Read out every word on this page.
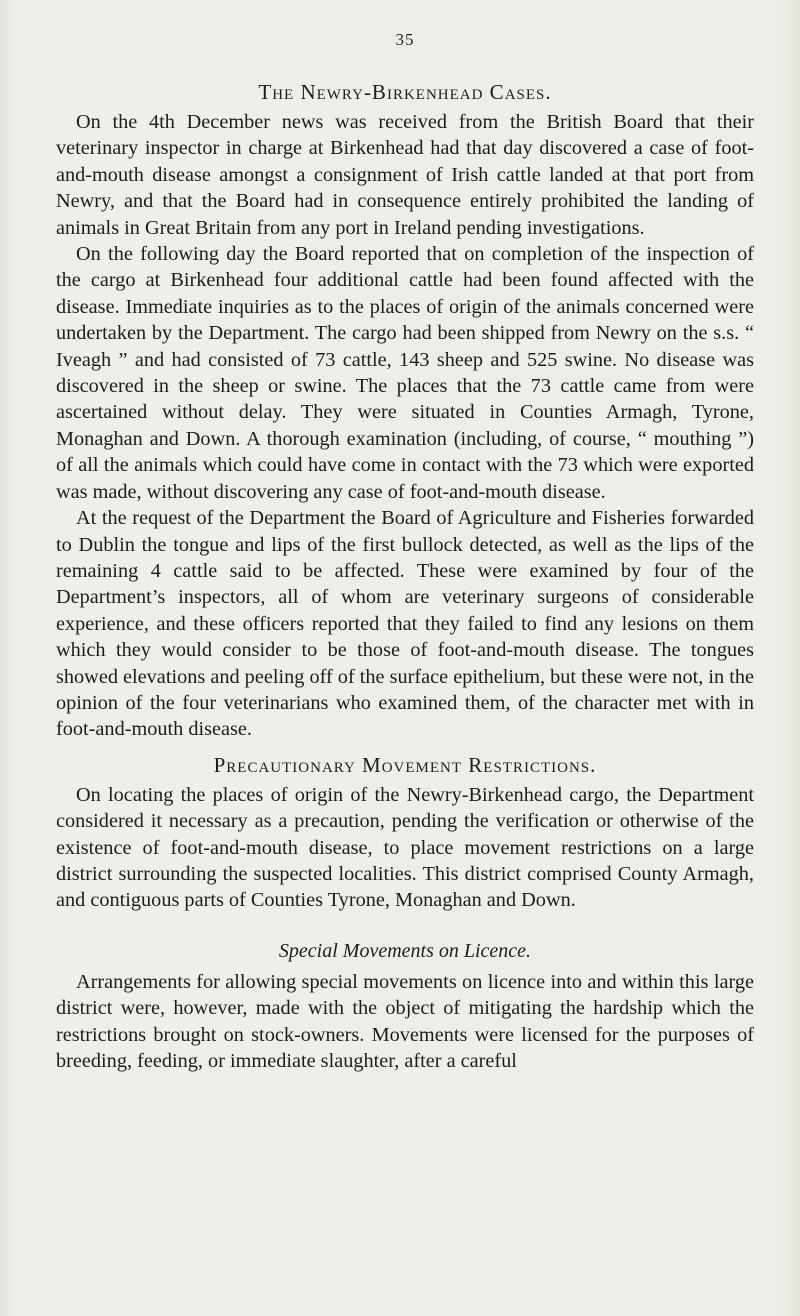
35
The Newry-Birkenhead Cases.

On the 4th December news was received from the British Board that their veterinary inspector in charge at Birkenhead had that day discovered a case of foot-and-mouth disease amongst a consignment of Irish cattle landed at that port from Newry, and that the Board had in consequence entirely prohibited the landing of animals in Great Britain from any port in Ireland pending investigations.

On the following day the Board reported that on completion of the inspection of the cargo at Birkenhead four additional cattle had been found affected with the disease. Immediate inquiries as to the places of origin of the animals concerned were undertaken by the Department. The cargo had been shipped from Newry on the s.s. “ Iveagh ” and had consisted of 73 cattle, 143 sheep and 525 swine. No disease was discovered in the sheep or swine. The places that the 73 cattle came from were ascertained without delay. They were situated in Counties Armagh, Tyrone, Monaghan and Down. A thorough examination (including, of course, “ mouthing ”) of all the animals which could have come in contact with the 73 which were exported was made, without discovering any case of foot-and-mouth disease.

At the request of the Department the Board of Agriculture and Fisheries forwarded to Dublin the tongue and lips of the first bullock detected, as well as the lips of the remaining 4 cattle said to be affected. These were examined by four of the Department’s inspectors, all of whom are veterinary surgeons of considerable experience, and these officers reported that they failed to find any lesions on them which they would consider to be those of foot-and-mouth disease. The tongues showed elevations and peeling off of the surface epithelium, but these were not, in the opinion of the four veterinarians who examined them, of the character met with in foot-and-mouth disease.

Precautionary Movement Restrictions.

On locating the places of origin of the Newry-Birkenhead cargo, the Department considered it necessary as a precaution, pending the verification or otherwise of the existence of foot-and-mouth disease, to place movement restrictions on a large district surrounding the suspected localities. This district comprised County Armagh, and contiguous parts of Counties Tyrone, Monaghan and Down.

Special Movements on Licence.

Arrangements for allowing special movements on licence into and within this large district were, however, made with the object of mitigating the hardship which the restrictions brought on stock-owners. Movements were licensed for the purposes of breeding, feeding, or immediate slaughter, after a careful
